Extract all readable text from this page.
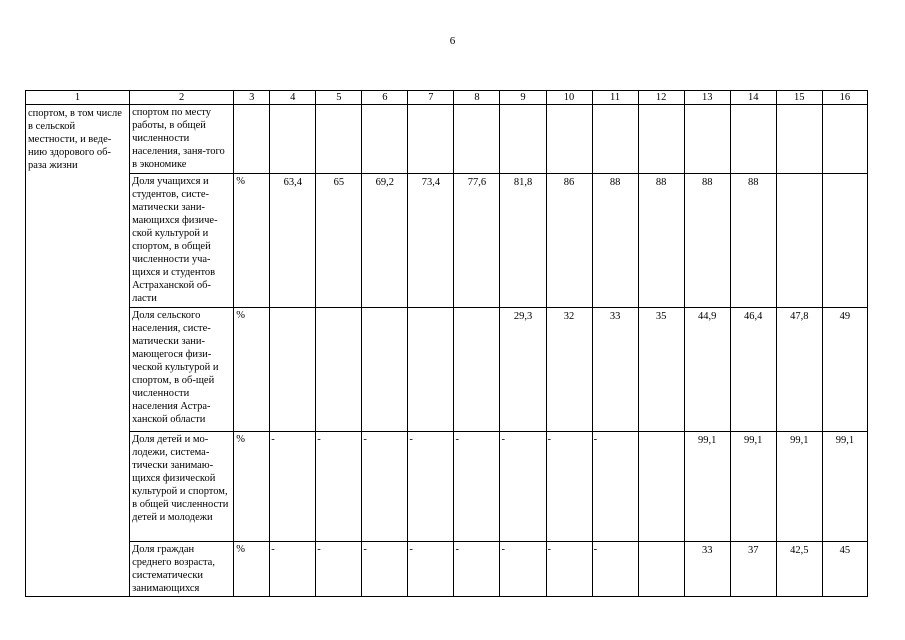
6
1	2	3	4	5	6	7	8	9	10	11	12	13	14	15	16
спортом, в том числе в сельской местности, и веде-нию здорового об-раза жизни	спортом по месту работы, в общей численности населения, заня-того в экономике														
	Доля учащихся и студентов, систе-матически зани-мающихся физиче-ской культурой и спортом, в общей численности уча-щихся и студентов Астраханской об-ласти	%	63,4	65	69,2	73,4	77,6	81,8	86	88	88	88	88		
	Доля сельского населения, систе-матически зани-мающегося физи-ческой культурой и спортом, в об-щей численности населения Астра-ханской области	%						29,3	32	33	35	44,9	46,4	47,8	49
	Доля детей и мо-лодежи, система-тически занимаю-щихся физической культурой и спортом, в общей численности детей и молодежи	%	-	-	-	-	-	-	-	-		99,1	99,1	99,1	99,1
	Доля граждан среднего возраста, систематически занимающихся	%	-	-	-	-	-	-	-	-		33	37	42,5	45
